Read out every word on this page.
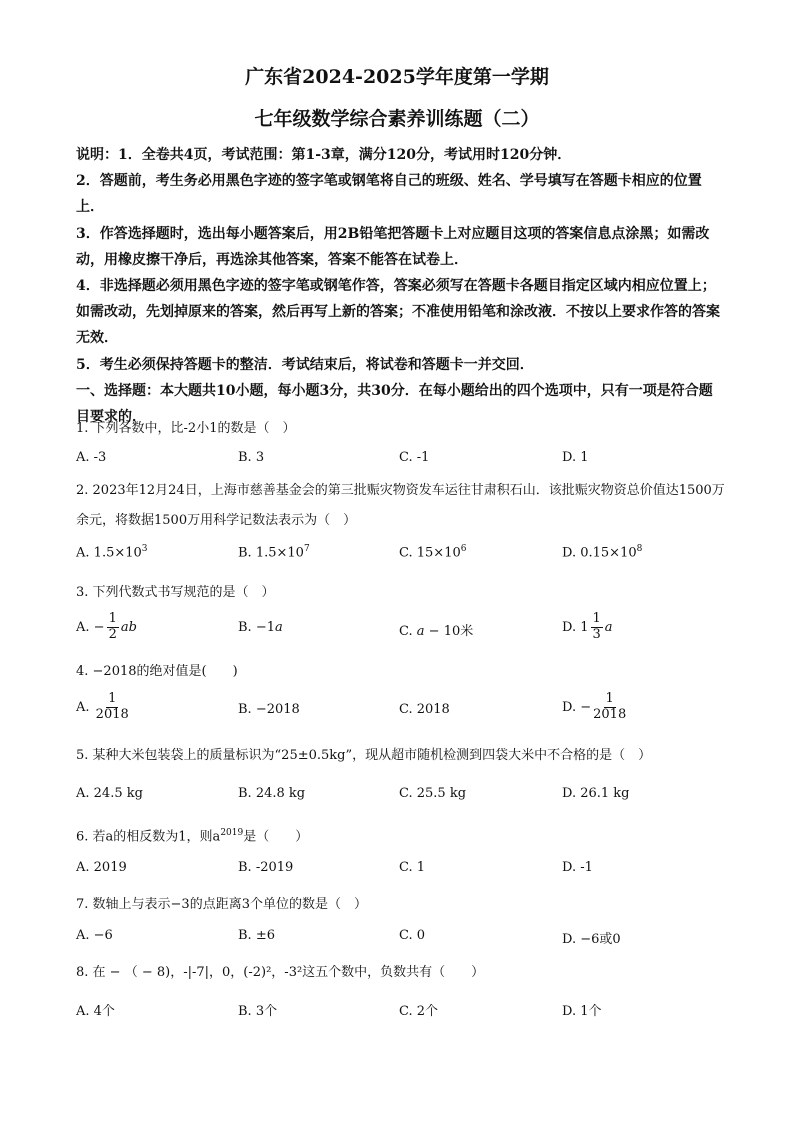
广东省2024-2025学年度第一学期
七年级数学综合素养训练题（二）

说明：1．全卷共4页，考试范围：第1-3章，满分120分，考试用时120分钟．

2．答题前，考生务必用黑色字迹的签字笔或钢笔将自己的班级、姓名、学号填写在答题卡相应的位置上．

3．作答选择题时，选出每小题答案后，用2B铅笔把答题卡上对应题目这项的答案信息点涂黑；如需改动，用橡皮擦干净后，再选涂其他答案，答案不能答在试卷上．

4．非选择题必须用黑色字迹的签字笔或钢笔作答，答案必须写在答题卡各题目指定区域内相应位置上；如需改动，先划掉原来的答案，然后再写上新的答案；不准使用铅笔和涂改液．不按以上要求作答的答案无效．

5．考生必须保持答题卡的整洁．考试结束后，将试卷和答题卡一并交回．

一、选择题：本大题共10小题，每小题3分，共30分．在每小题给出的四个选项中，只有一项是符合题目要求的．

1. 下列各数中，比-2小1的数是（　）

A. -3	B. 3	C. -1	D. 1

2. 2023年12月24日，上海市慈善基金会的第三批赈灾物资发车运往甘肃积石山．该批赈灾物资总价值达1500万余元，将数据1500万用科学记数法表示为（　）

A. $1.5\times 10^3$	B. $1.5\times 10^7$	C. $15\times 10^6$	D. $0.15\times 10^8$

3. 下列代数式书写规范的是（　）

A. − $\frac{1}{2}$ ab	B. −1a	C. a − 10米	D. $1 \frac{1}{3}$ a

4. −2018的绝对值是(　　)

A. $\frac{1}{2018}$	B. −2018	C. 2018	D. − $\frac{1}{2018}$

5. 某种大米包装袋上的质量标识为“25±0.5kg”，现从超市随机检测到四袋大米中不合格的是（　）

A. 24.5 kg	B. 24.8 kg	C. 25.5 kg	D. 26.1 kg

6. 若a的相反数为1，则$a^{2019}$是（　　）

A. 2019	B. -2019	C. 1	D. -1

7. 数轴上与表示−3的点距离3个单位的数是（　）

A. −6	B. ±6	C. 0	D. −6或0

8. 在 − （ − 8)，-|-7|，0，(-2)²，-3²这五个数中，负数共有（　　）

A. 4个	B. 3个	C. 2个	D. 1个
